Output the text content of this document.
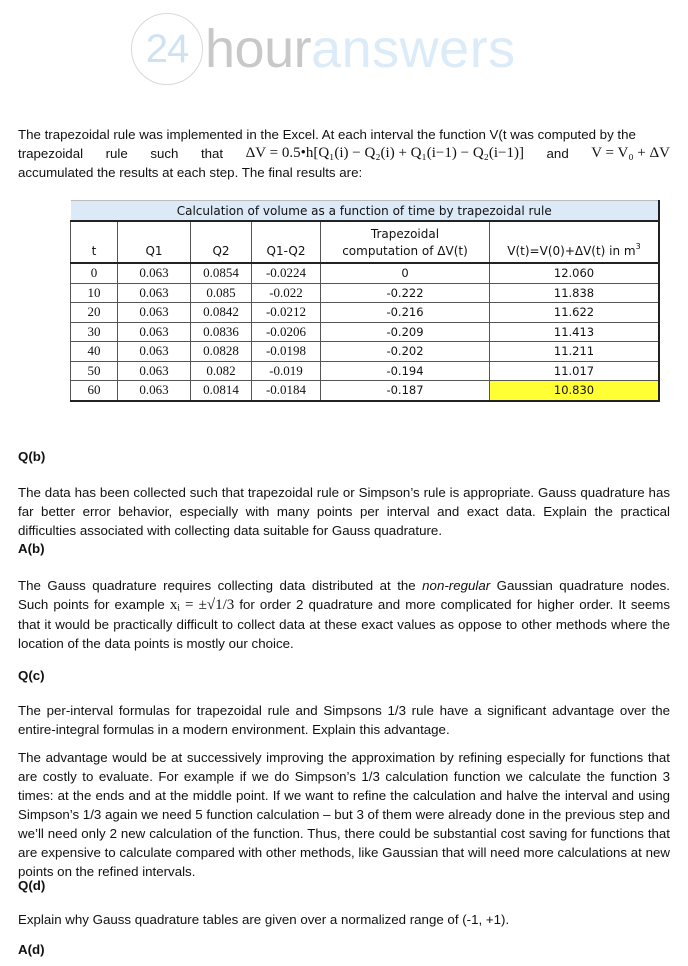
24 hour answers
The trapezoidal rule was implemented in the Excel. At each interval the function V(t was computed by the
trapezoidal rule such that ΔV = 0.5•h[Q₁(i) − Q₂(i) + Q₁(i−1) − Q₂(i−1)] and V = V₀ + ΔV
accumulated the results at each step. The final results are:
Calculation of volume as a function of time by trapezoidal rule					
t	Q1	Q2	Q1-Q2	Trapezoidal
computation of ΔV(t)	V(t)=V(0)+ΔV(t) in $m^3$
0	0.063	0.0854	-0.0224	0	12.060
10	0.063	0.085	-0.022	-0.222	11.838
20	0.063	0.0842	-0.0212	-0.216	11.622
30	0.063	0.0836	-0.0206	-0.209	11.413
40	0.063	0.0828	-0.0198	-0.202	11.211
50	0.063	0.082	-0.019	-0.194	11.017
60	0.063	0.0814	-0.0184	-0.187	10.830
Q(b)
The data has been collected such that trapezoidal rule or Simpson’s rule is appropriate. Gauss quadrature has far better error behavior, especially with many points per interval and exact data. Explain the practical difficulties associated with collecting data suitable for Gauss quadrature.
A(b)
The Gauss quadrature requires collecting data distributed at the non-regular Gaussian quadrature nodes. Such points for example xᵢ = ±√1/3 for order 2 quadrature and more complicated for higher order. It seems that it would be practically difficult to collect data at these exact values as oppose to other methods where the location of the data points is mostly our choice.
Q(c)
The per-interval formulas for trapezoidal rule and Simpsons 1/3 rule have a significant advantage over the entire-integral formulas in a modern environment. Explain this advantage.
The advantage would be at successively improving the approximation by refining especially for functions that are costly to evaluate. For example if we do Simpson’s 1/3 calculation function we calculate the function 3 times: at the ends and at the middle point. If we want to refine the calculation and halve the interval and using Simpson’s 1/3 again we need 5 function calculation – but 3 of them were already done in the previous step and we’ll need only 2 new calculation of the function. Thus, there could be substantial cost saving for functions that are expensive to calculate compared with other methods, like Gaussian that will need more calculations at new points on the refined intervals.
Q(d)
Explain why Gauss quadrature tables are given over a normalized range of (-1, +1).
A(d)
